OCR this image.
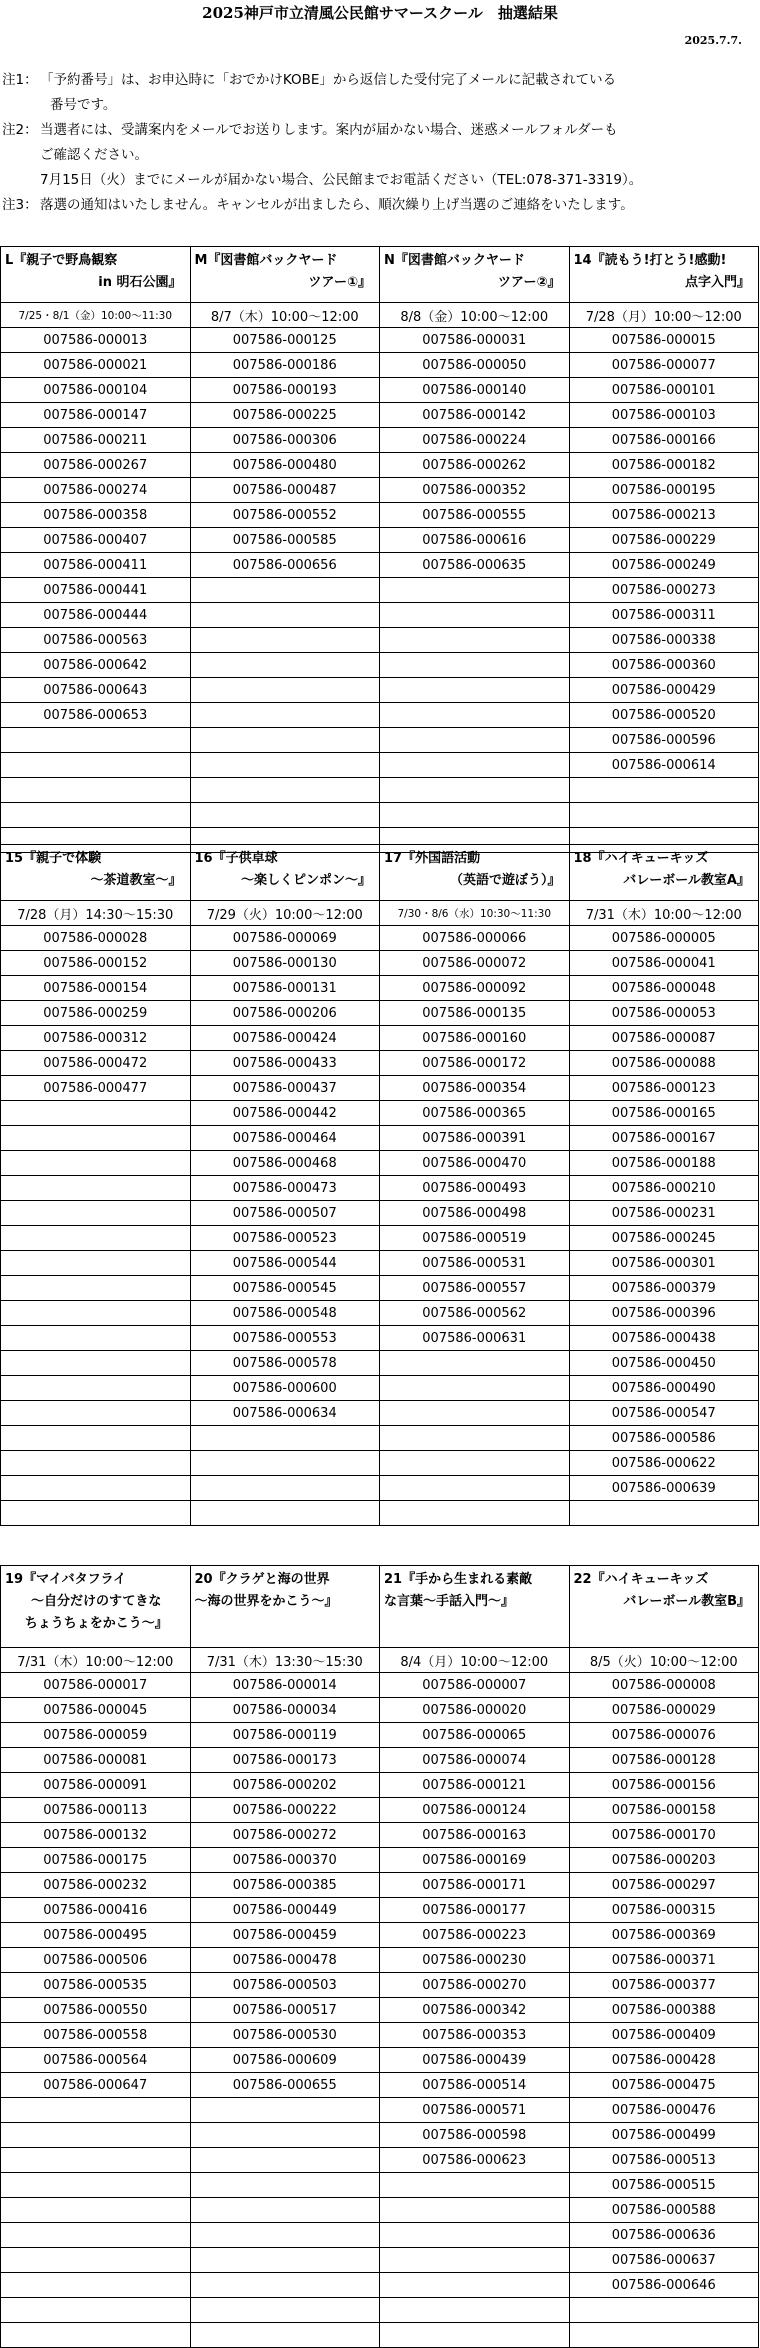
2025神戸市立清風公民館サマースクール　抽選結果
2025.7.7.
注1： 「予約番号」は、お申込時に「おでかけKOBE」から返信した受付完了メールに記載されている
番号です。
注2： 当選者には、受講案内をメールでお送りします。案内が届かない場合、迷惑メールフォルダーも
ご確認ください。
7月15日（火）までにメールが届かない場合、公民館までお電話ください（TEL:078-371-3319）。
注3： 落選の通知はいたしません。キャンセルが出ましたら、順次繰り上げ当選のご連絡をいたします。
L『親子で野鳥観察
in 明石公園』	M『図書館バックヤード
ツアー①』	N『図書館バックヤード
ツアー②』	14『読もう!打とう!感動!
点字入門』

7/25・8/1（金）10:00～11:30	8/7（木）10:00～12:00	8/8（金）10:00～12:00	7/28（月）10:00～12:00
007586-000013	007586-000125	007586-000031	007586-000015
007586-000021	007586-000186	007586-000050	007586-000077
007586-000104	007586-000193	007586-000140	007586-000101
007586-000147	007586-000225	007586-000142	007586-000103
007586-000211	007586-000306	007586-000224	007586-000166
007586-000267	007586-000480	007586-000262	007586-000182
007586-000274	007586-000487	007586-000352	007586-000195
007586-000358	007586-000552	007586-000555	007586-000213
007586-000407	007586-000585	007586-000616	007586-000229
007586-000411	007586-000656	007586-000635	007586-000249
007586-000441			007586-000273
007586-000444			007586-000311
007586-000563			007586-000338
007586-000642			007586-000360
007586-000643			007586-000429
007586-000653			007586-000520
			007586-000596
			007586-000614

15『親子で体験
～茶道教室～』	16『子供卓球
～楽しくピンポン～』	17『外国語活動
（英語で遊ぼう）』	18『ハイキューキッズ
バレーボール教室A』

7/28（月）14:30～15:30	7/29（火）10:00～12:00	7/30・8/6（水）10:30～11:30	7/31（木）10:00～12:00
007586-000028	007586-000069	007586-000066	007586-000005
007586-000152	007586-000130	007586-000072	007586-000041
007586-000154	007586-000131	007586-000092	007586-000048
007586-000259	007586-000206	007586-000135	007586-000053
007586-000312	007586-000424	007586-000160	007586-000087
007586-000472	007586-000433	007586-000172	007586-000088
007586-000477	007586-000437	007586-000354	007586-000123
	007586-000442	007586-000365	007586-000165
	007586-000464	007586-000391	007586-000167
	007586-000468	007586-000470	007586-000188
	007586-000473	007586-000493	007586-000210
	007586-000507	007586-000498	007586-000231
	007586-000523	007586-000519	007586-000245
	007586-000544	007586-000531	007586-000301
	007586-000545	007586-000557	007586-000379
	007586-000548	007586-000562	007586-000396
	007586-000553	007586-000631	007586-000438
	007586-000578		007586-000450
	007586-000600		007586-000490
	007586-000634		007586-000547
			007586-000586
			007586-000622
			007586-000639

19『マイバタフライ
～自分だけのすてきな
ちょうちょをかこう～』	20『クラゲと海の世界
～海の世界をかこう～』	21『手から生まれる素敵
な言葉～手話入門～』	22『ハイキューキッズ
バレーボール教室B』

7/31（木）10:00～12:00	7/31（木）13:30～15:30	8/4（月）10:00～12:00	8/5（火）10:00～12:00
007586-000017	007586-000014	007586-000007	007586-000008
007586-000045	007586-000034	007586-000020	007586-000029
007586-000059	007586-000119	007586-000065	007586-000076
007586-000081	007586-000173	007586-000074	007586-000128
007586-000091	007586-000202	007586-000121	007586-000156
007586-000113	007586-000222	007586-000124	007586-000158
007586-000132	007586-000272	007586-000163	007586-000170
007586-000175	007586-000370	007586-000169	007586-000203
007586-000232	007586-000385	007586-000171	007586-000297
007586-000416	007586-000449	007586-000177	007586-000315
007586-000495	007586-000459	007586-000223	007586-000369
007586-000506	007586-000478	007586-000230	007586-000371
007586-000535	007586-000503	007586-000270	007586-000377
007586-000550	007586-000517	007586-000342	007586-000388
007586-000558	007586-000530	007586-000353	007586-000409
007586-000564	007586-000609	007586-000439	007586-000428
007586-000647	007586-000655	007586-000514	007586-000475
		007586-000571	007586-000476
		007586-000598	007586-000499
		007586-000623	007586-000513
			007586-000515
			007586-000588
			007586-000636
			007586-000637
			007586-000646
